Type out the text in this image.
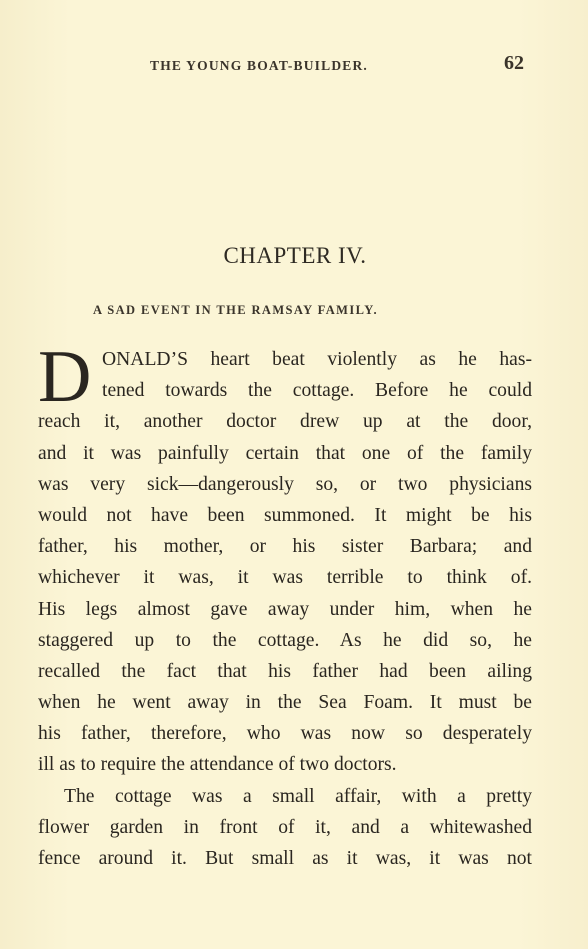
THE YOUNG BOAT-BUILDER.	62
CHAPTER IV.
A SAD EVENT IN THE RAMSAY FAMILY.
D ONALD’S heart beat violently as he has-
tened towards the cottage. Before he could
reach it, another doctor drew up at the door,
and it was painfully certain that one of the family
was very sick—dangerously so, or two physicians
would not have been summoned. It might be his
father, his mother, or his sister Barbara; and
whichever it was, it was terrible to think of.
His legs almost gave away under him, when he
staggered up to the cottage. As he did so, he
recalled the fact that his father had been ailing
when he went away in the Sea Foam. It must be
his father, therefore, who was now so desperately
ill as to require the attendance of two doctors.
The cottage was a small affair, with a pretty
flower garden in front of it, and a whitewashed
fence around it. But small as it was, it was not
